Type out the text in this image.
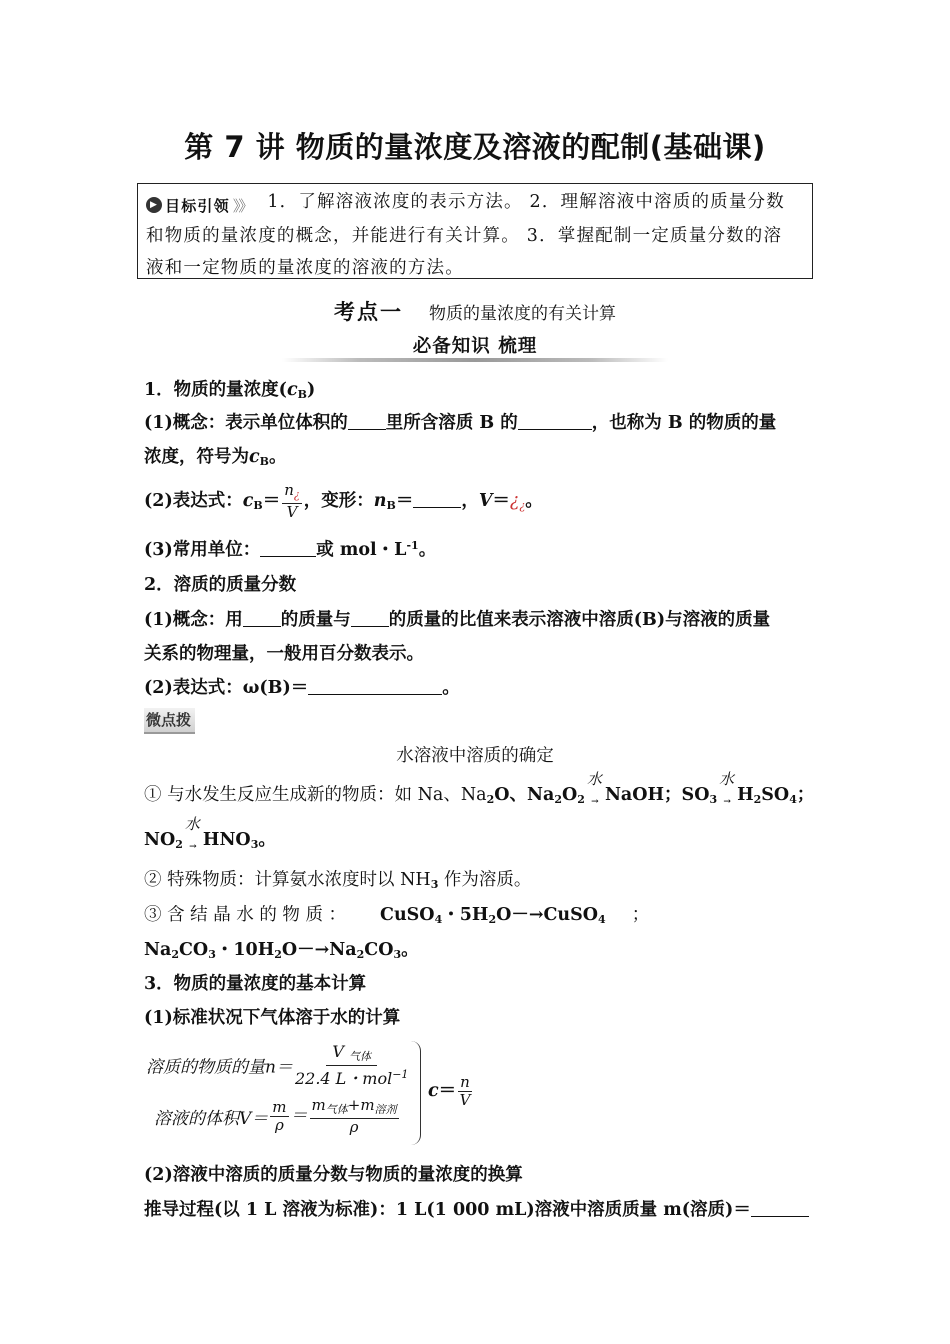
第 7 讲 物质的量浓度及溶液的配制(基础课)
▶ 目标引领 》》 1．了解溶液浓度的表示方法。 2．理解溶液中溶质的质量分数
和物质的量浓度的概念，并能进行有关计算。 3．掌握配制一定质量分数的溶
液和一定物质的量浓度的溶液的方法。
考点一 物质的量浓度的有关计算
必备知识 梳理
1．物质的量浓度(cB)
(1)概念：表示单位体积的 里所含溶质 B 的	，也称为 B 的物质的量
浓度，符号为cB。
(2)表达式：$cB= \frac{n_¿}{V}$ ，变形：nB＝	，V＝¿¿。
(3)常用单位：	或 mol・$L^{-1}$。
2．溶质的质量分数
(1)概念：用 的质量与 的质量的比值来表示溶液中溶质(B)与溶液的质量
关系的物理量，一般用百分数表示。
(2)表达式：ω(B)＝	。
微点拨
水溶液中溶质的确定
① 与水发生反应生成新的物质：如 Na、Na2O、Na2O2
水
$_\to$ NaOH；SO3
水
$_\to$ H2SO4；
NO2
水
$_\to$ HNO3。
② 特殊物质：计算氨水浓度时以 NH3 作为溶质。
③ 含 结 晶 水 的 物 质 ： CuSO4・5H2O－→CuSO4 ；
Na2CO3・10H2O－→Na2CO3。
3．物质的量浓度的基本计算
(1)标准状况下气体溶于水的计算
溶质的物质的量$n= \frac{\text{V 气体}}{22.4 L・mol^{-1}}$
溶液的体积$V= \frac{m}{\rho} = \frac{m_{气体}+m_{溶剂}}{\rho}$
$c= \frac{n}{V}$
(2)溶液中溶质的质量分数与物质的量浓度的换算
推导过程(以 1 L 溶液为标准)：1 L(1 000 mL)溶液中溶质质量 m(溶质)＝
